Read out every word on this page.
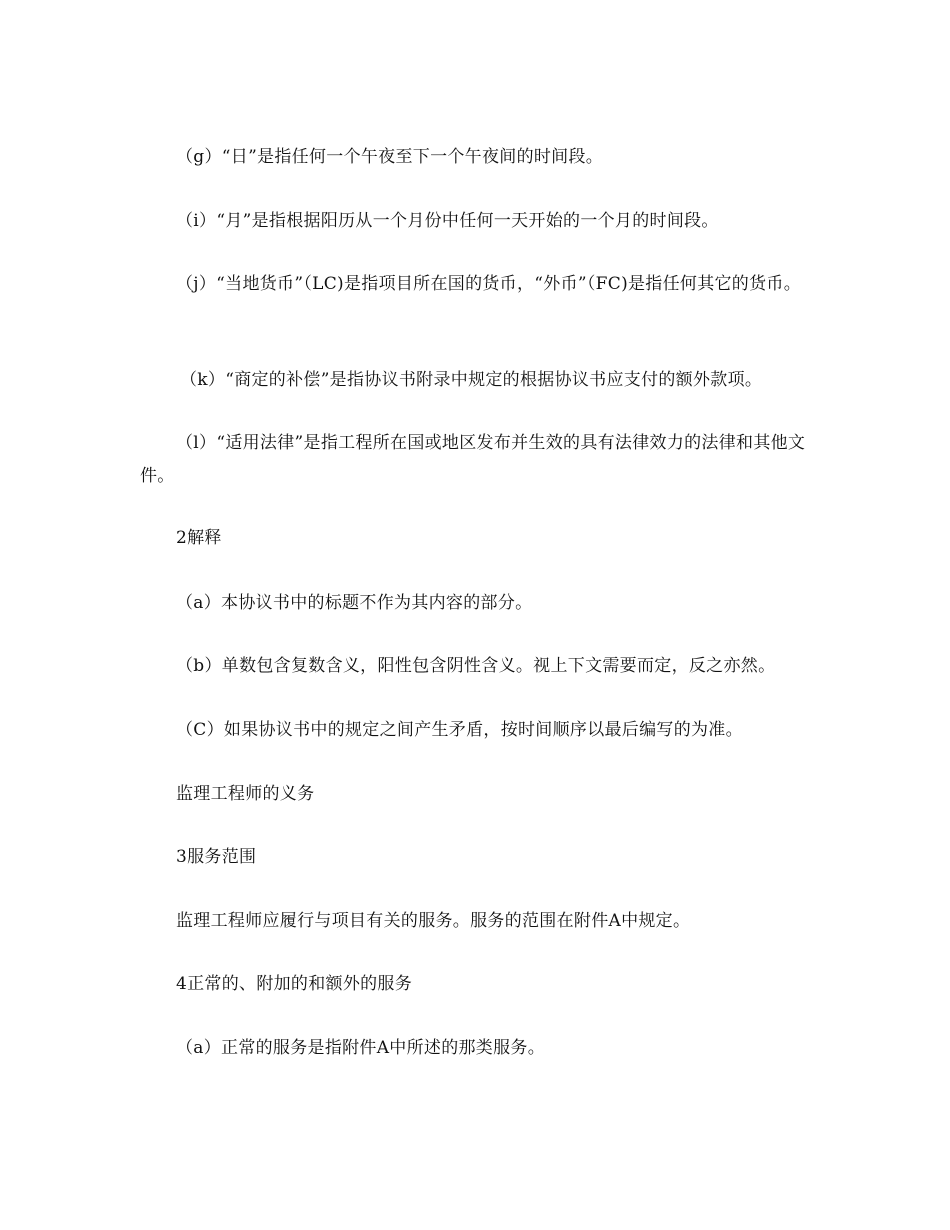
（g）“日”是指任何一个午夜至下一个午夜间的时间段。

（i）“月”是指根据阳历从一个月份中任何一天开始的一个月的时间段。

（j）“当地货币”（LC)是指项目所在国的货币，“外币”（FC)是指任何其它的货币。

（k）“商定的补偿”是指协议书附录中规定的根据协议书应支付的额外款项。

（l）“适用法律”是指工程所在国或地区发布并生效的具有法律效力的法律和其他文件。

2解释

（a）本协议书中的标题不作为其内容的部分。

（b）单数包含复数含义，阳性包含阴性含义。视上下文需要而定，反之亦然。

（C）如果协议书中的规定之间产生矛盾，按时间顺序以最后编写的为准。

监理工程师的义务

3服务范围

监理工程师应履行与项目有关的服务。服务的范围在附件A中规定。

4正常的、附加的和额外的服务

（a）正常的服务是指附件A中所述的那类服务。
